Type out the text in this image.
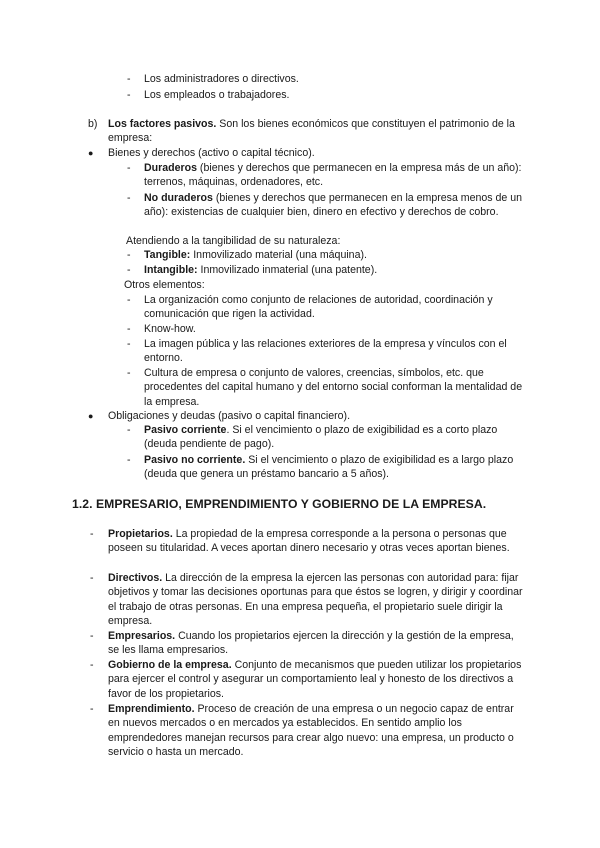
- Los administradores o directivos.
- Los empleados o trabajadores.
b) Los factores pasivos. Son los bienes económicos que constituyen el patrimonio de la empresa:
● Bienes y derechos (activo o capital técnico).
- Duraderos (bienes y derechos que permanecen en la empresa más de un año): terrenos, máquinas, ordenadores, etc.
- No duraderos (bienes y derechos que permanecen en la empresa menos de un año): existencias de cualquier bien, dinero en efectivo y derechos de cobro.
Atendiendo a la tangibilidad de su naturaleza:
- Tangible: Inmovilizado material (una máquina).
- Intangible: Inmovilizado inmaterial (una patente).
Otros elementos:
- La organización como conjunto de relaciones de autoridad, coordinación y comunicación que rigen la actividad.
- Know-how.
- La imagen pública y las relaciones exteriores de la empresa y vínculos con el entorno.
- Cultura de empresa o conjunto de valores, creencias, símbolos, etc. que procedentes del capital humano y del entorno social conforman la mentalidad de la empresa.
● Obligaciones y deudas (pasivo o capital financiero).
- Pasivo corriente. Si el vencimiento o plazo de exigibilidad es a corto plazo (deuda pendiente de pago).
- Pasivo no corriente. Si el vencimiento o plazo de exigibilidad es a largo plazo (deuda que genera un préstamo bancario a 5 años).
1.2. EMPRESARIO, EMPRENDIMIENTO Y GOBIERNO DE LA EMPRESA.
- Propietarios. La propiedad de la empresa corresponde a la persona o personas que poseen su titularidad. A veces aportan dinero necesario y otras veces aportan bienes.
- Directivos. La dirección de la empresa la ejercen las personas con autoridad para: fijar objetivos y tomar las decisiones oportunas para que éstos se logren, y dirigir y coordinar el trabajo de otras personas. En una empresa pequeña, el propietario suele dirigir la empresa.
- Empresarios. Cuando los propietarios ejercen la dirección y la gestión de la empresa, se les llama empresarios.
- Gobierno de la empresa. Conjunto de mecanismos que pueden utilizar los propietarios para ejercer el control y asegurar un comportamiento leal y honesto de los directivos a favor de los propietarios.
- Emprendimiento. Proceso de creación de una empresa o un negocio capaz de entrar en nuevos mercados o en mercados ya establecidos. En sentido amplio los emprendedores manejan recursos para crear algo nuevo: una empresa, un producto o servicio o hasta un mercado.
